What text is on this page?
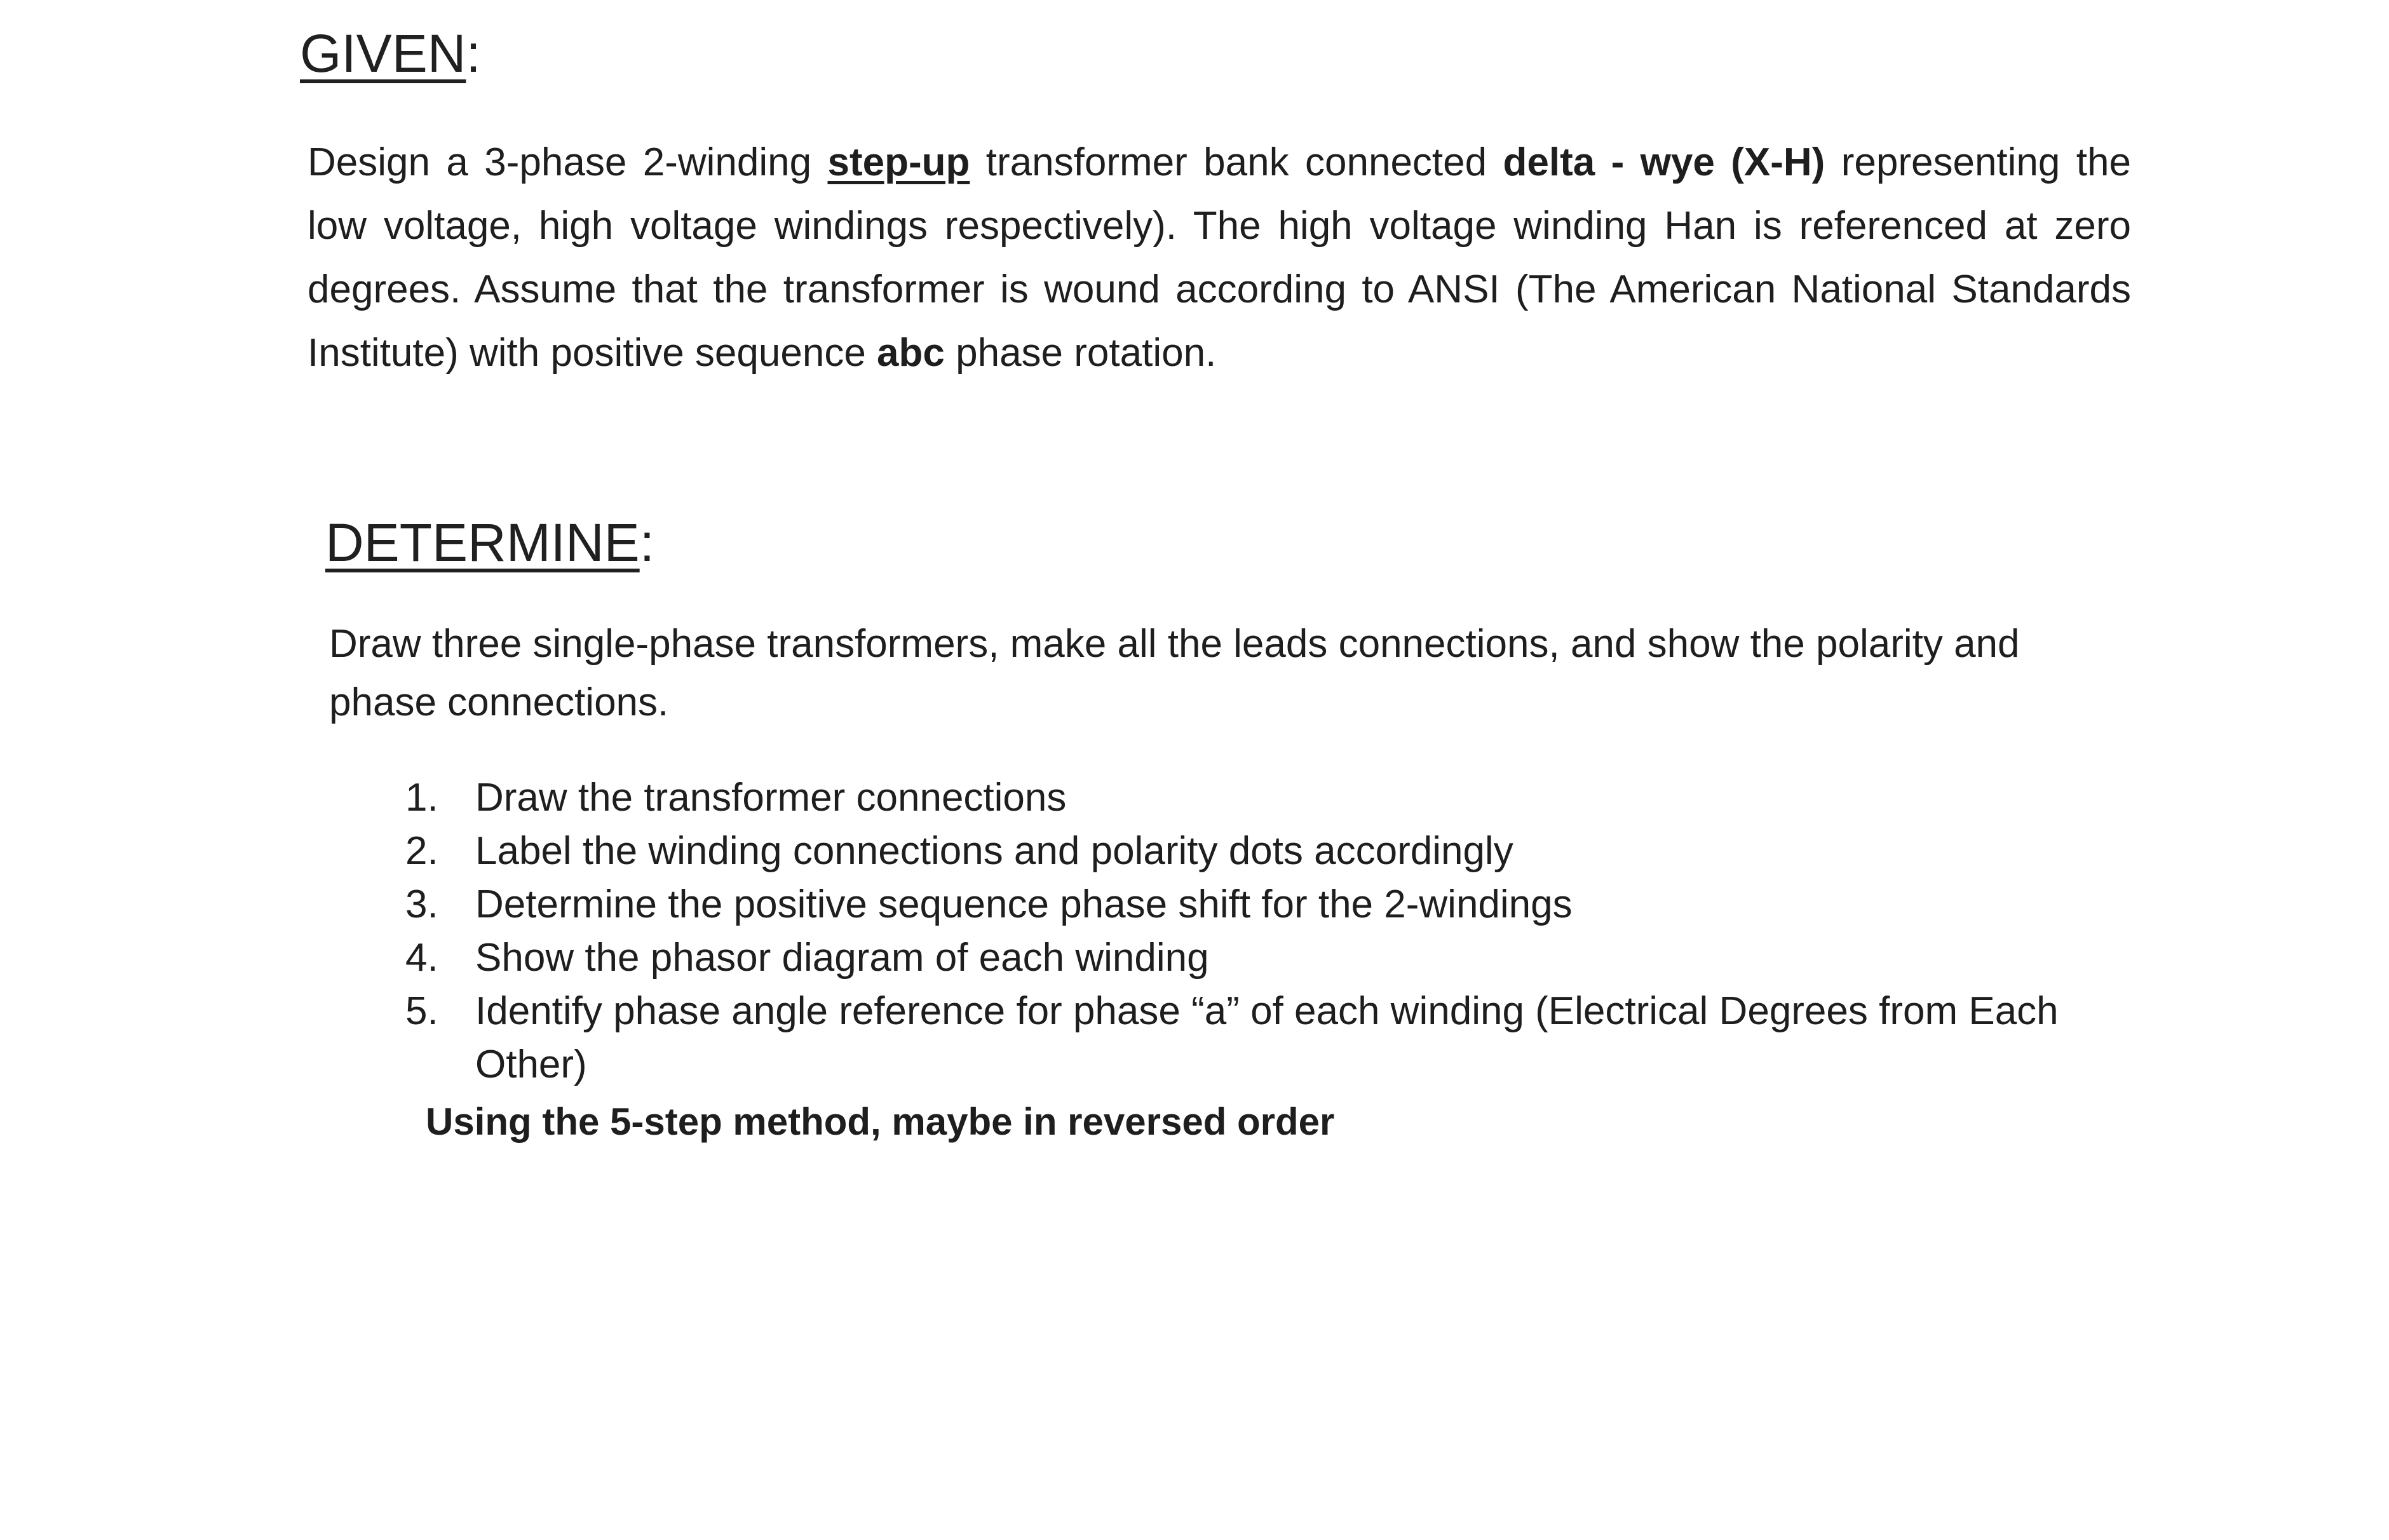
GIVEN:

Design a 3-phase 2-winding step-up transformer bank connected delta - wye (X-H) representing the low voltage, high voltage windings respectively). The high voltage winding Han is referenced at zero degrees. Assume that the transformer is wound according to ANSI (The American National Standards Institute) with positive sequence abc phase rotation.

DETERMINE:

Draw three single-phase transformers, make all the leads connections, and show the polarity and phase connections.

1. Draw the transformer connections
2. Label the winding connections and polarity dots accordingly
3. Determine the positive sequence phase shift for the 2-windings
4. Show the phasor diagram of each winding
5. Identify phase angle reference for phase “a” of each winding (Electrical Degrees from Each Other)

Using the 5-step method, maybe in reversed order
